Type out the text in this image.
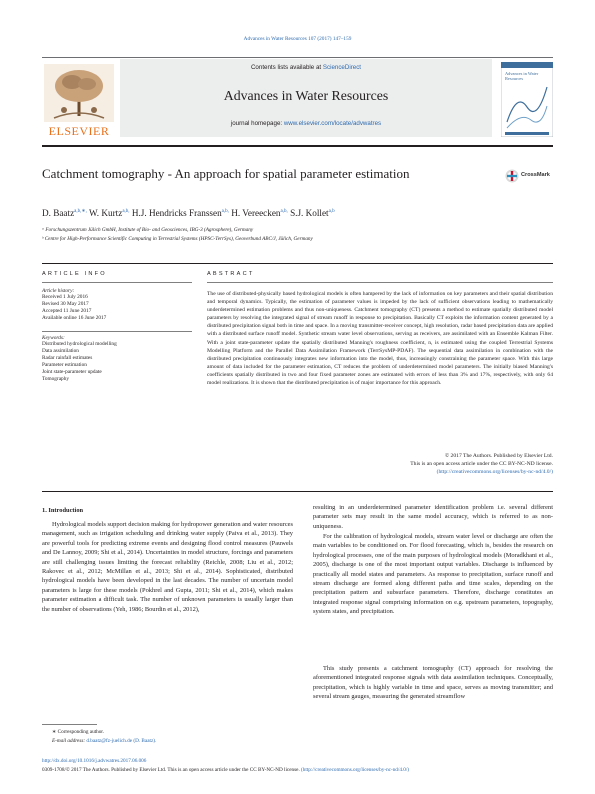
Advances in Water Resources 107 (2017) 147–159
ELSEVIER
Contents lists available at ScienceDirect
Advances in Water Resources
journal homepage: www.elsevier.com/locate/advwatres
Advances in Water Resources
Catchment tomography - An approach for spatial parameter estimation	CrossMark
D. Baatz$^{a,b,∗,}$ W. Kurtz$^{a,b,}$ H.J. Hendricks Franssen$^{a,b,}$ H. Vereecken$^{a,b,}$ S.J. Kollet$^{a,b}$
ᵃ Forschungszentrum Jülich GmbH, Institute of Bio- and Geosciences, IBG-3 (Agrosphere), Germany
ᵇ Centre for High-Performance Scientific Computing in Terrestrial Systems (HPSC-TerrSys), Geoverbund ABC/J, Jülich, Germany
ARTICLE INFO
Article history:
Received 1 July 2016
Revised 30 May 2017
Accepted 11 June 2017
Available online 16 June 2017
Keywords:
Distributed hydrological modelling
Data assimilation
Radar rainfall estimates
Parameter estimation
Joint state-parameter update
Tomography
ABSTRACT
The use of distributed-physically based hydrological models is often hampered by the lack of information on key parameters and their spatial distribution and temporal dynamics. Typically, the estimation of parameter values is impeded by the lack of sufficient observations leading to mathematically underdetermined estimation problems and thus non-uniqueness. Catchment tomography (CT) presents a method to estimate spatially distributed model parameters by resolving the integrated signal of stream runoff in response to precipitation. Basically CT exploits the information content generated by a distributed precipitation signal both in time and space. In a moving transmitter-receiver concept, high resolution, radar based precipitation data are applied with a distributed surface runoff model. Synthetic stream water level observations, serving as receivers, are assimilated with an Ensemble Kalman Filter. With a joint state-parameter update the spatially distributed Manning's roughness coefficient, n, is estimated using the coupled Terrestrial Systems Modelling Platform and the Parallel Data Assimilation Framework (TerrSysMP-PDAF). The sequential data assimilation in combination with the distributed precipitation continuously integrates new information into the model, thus, increasingly constraining the parameter space. With this large amount of data included for the parameter estimation, CT reduces the problem of underdetermined model parameters. The initially biased Manning's coefficients spatially distributed in two and four fixed parameter zones are estimated with errors of less than 3% and 17%, respectively, with only 64 model realizations. It is shown that the distributed precipitation is of major importance for this approach.
© 2017 The Authors. Published by Elsevier Ltd.
This is an open access article under the CC BY-NC-ND license.
(http://creativecommons.org/licenses/by-nc-nd/4.0/)
1. Introduction
Hydrological models support decision making for hydropower generation and water resources management, such as irrigation scheduling and drinking water supply (Paiva et al., 2013). They are powerful tools for predicting extreme events and designing flood control measures (Pauwels and De Lannoy, 2009; Shi et al., 2014). Uncertainties in model structure, forcings and parameters are still challenging issues limiting the forecast reliability (Reichle, 2008; Liu et al., 2012; Rakovec et al., 2012; McMillan et al., 2013; Shi et al., 2014). Sophisticated, distributed hydrological models have been developed in the last decades. The number of uncertain model parameters is large for these models (Pokhrel and Gupta, 2011; Shi et al., 2014), which makes parameter estimation a difficult task. The number of unknown parameters is usually larger than the number of observations (Yeh, 1986; Bourdin et al., 2012),
resulting in an underdetermined parameter identification problem i.e. several different parameter sets may result in the same model accuracy, which is referred to as non-uniqueness.
For the calibration of hydrological models, stream water level or discharge are often the main variables to be conditioned on. For flood forecasting, which is, besides the research on hydrological processes, one of the main purposes of hydrological models (Moradkhani et al., 2005), discharge is one of the most important output variables. Discharge is influenced by practically all model states and parameters. As response to precipitation, surface runoff and stream discharge are formed along different paths and time scales, depending on the precipitation pattern and subsurface parameters. Therefore, discharge constitutes an integrated response signal comprising information on e.g. upstream parameters, topography, system states, and precipitation.
This study presents a catchment tomography (CT) approach for resolving the aforementioned integrated response signals with data assimilation techniques. Conceptually, precipitation, which is highly variable in time and space, serves as moving transmitter; and several stream gauges, measuring the generated streamflow
∗ Corresponding author.
E-mail address: d.baatz@fz-juelich.de (D. Baatz).
http://dx.doi.org/10.1016/j.advwatres.2017.06.006
0309-1708/© 2017 The Authors. Published by Elsevier Ltd. This is an open access article under the CC BY-NC-ND license. (http://creativecommons.org/licenses/by-nc-nd/4.0/)
